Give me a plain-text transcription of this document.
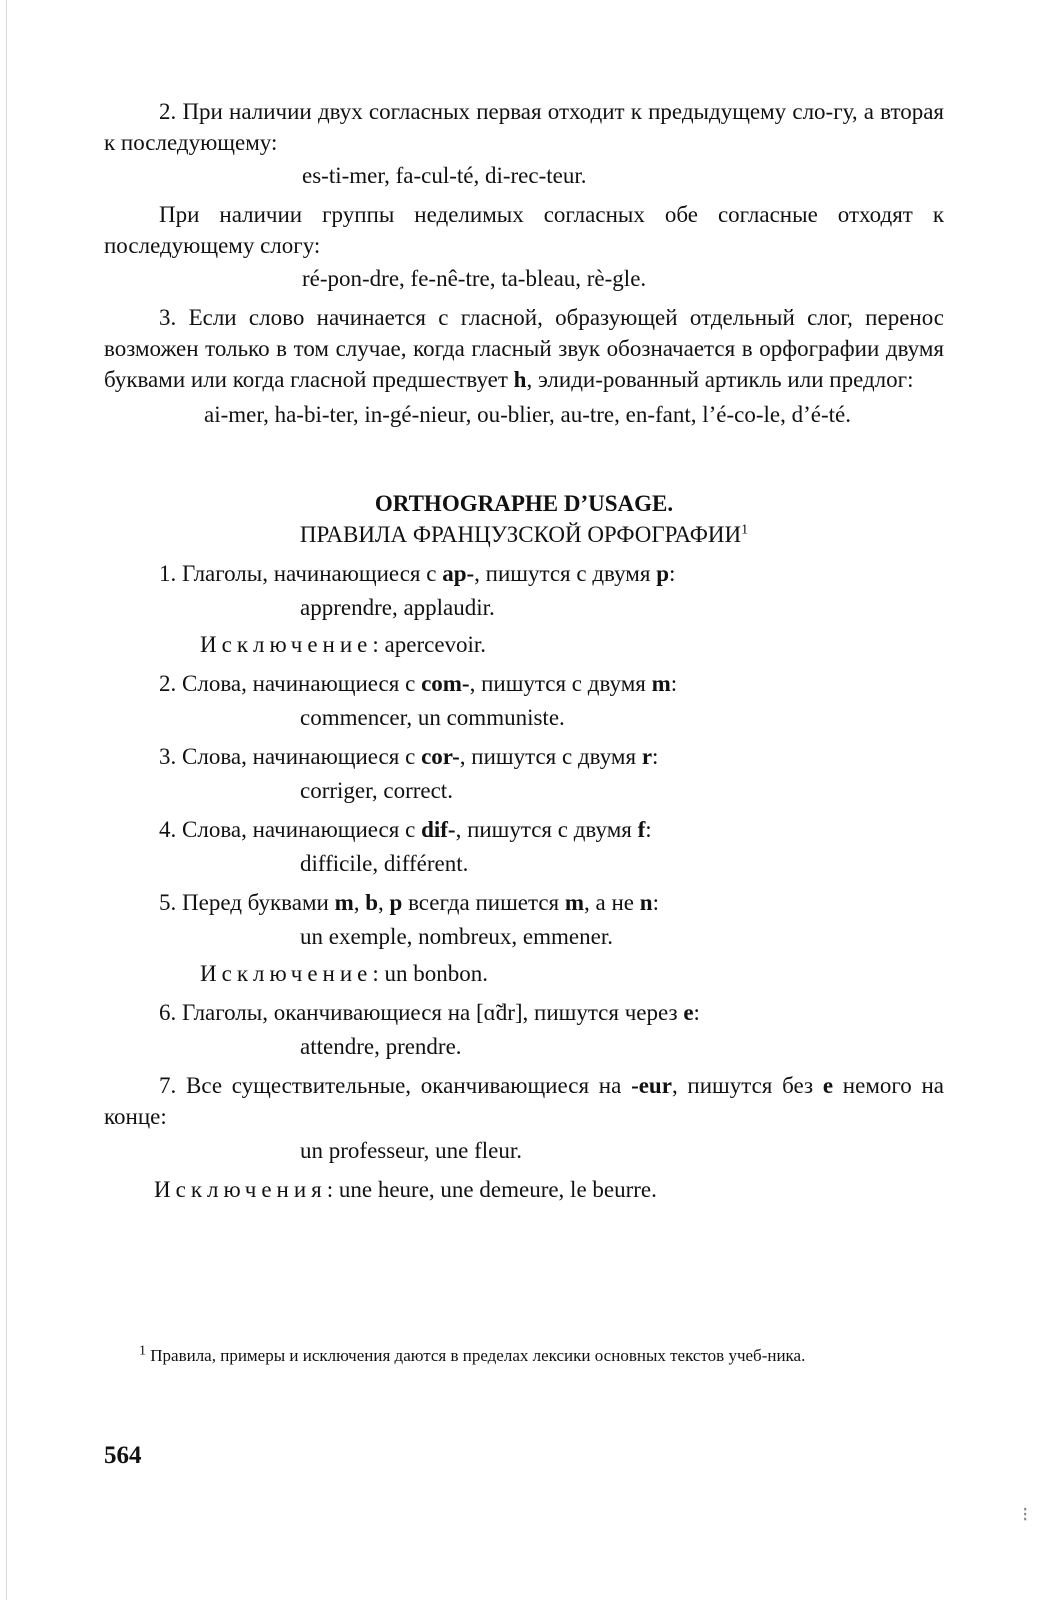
2. При наличии двух согласных первая отходит к предыдущему сло-гу, а вторая к последующему:

es-ti-mer, fa-cul-té, di-rec-teur.

При наличии группы неделимых согласных обе согласные отходят к последующему слогу:

ré-pon-dre, fe-nê-tre, ta-bleau, rè-gle.

3. Если слово начинается с гласной, образующей отдельный слог, перенос возможен только в том случае, когда гласный звук обозначается в орфографии двумя буквами или когда гласной предшествует h, элиди-рованный артикль или предлог:

ai-mer, ha-bi-ter, in-gé-nieur, ou-blier, au-tre, en-fant, l’é-co-le, d’é-té.

ORTHOGRAPHE D’USAGE.

ПРАВИЛА ФРАНЦУЗСКОЙ ОРФОГРАФИИ$^1$

1. Глаголы, начинающиеся с ap-, пишутся с двумя p:

apprendre, applaudir.

Исключение: apercevoir.

2. Слова, начинающиеся с com-, пишутся с двумя m:

commencer, un communiste.

3. Слова, начинающиеся с cor-, пишутся с двумя r:

corriger, correct.

4. Слова, начинающиеся с dif-, пишутся с двумя f:

difficile, différent.

5. Перед буквами m, b, p всегда пишется m, а не n:

un exemple, nombreux, emmener.

Исключение: un bonbon.

6. Глаголы, оканчивающиеся на [ɑ̃dr], пишутся через e:

attendre, prendre.

7. Все существительные, оканчивающиеся на -eur, пишутся без e немого на конце:

un professeur, une fleur.

Исключения: une heure, une demeure, le beurre.

$^1$ Правила, примеры и исключения даются в пределах лексики основных текстов учеб-ника.

564
⁝
